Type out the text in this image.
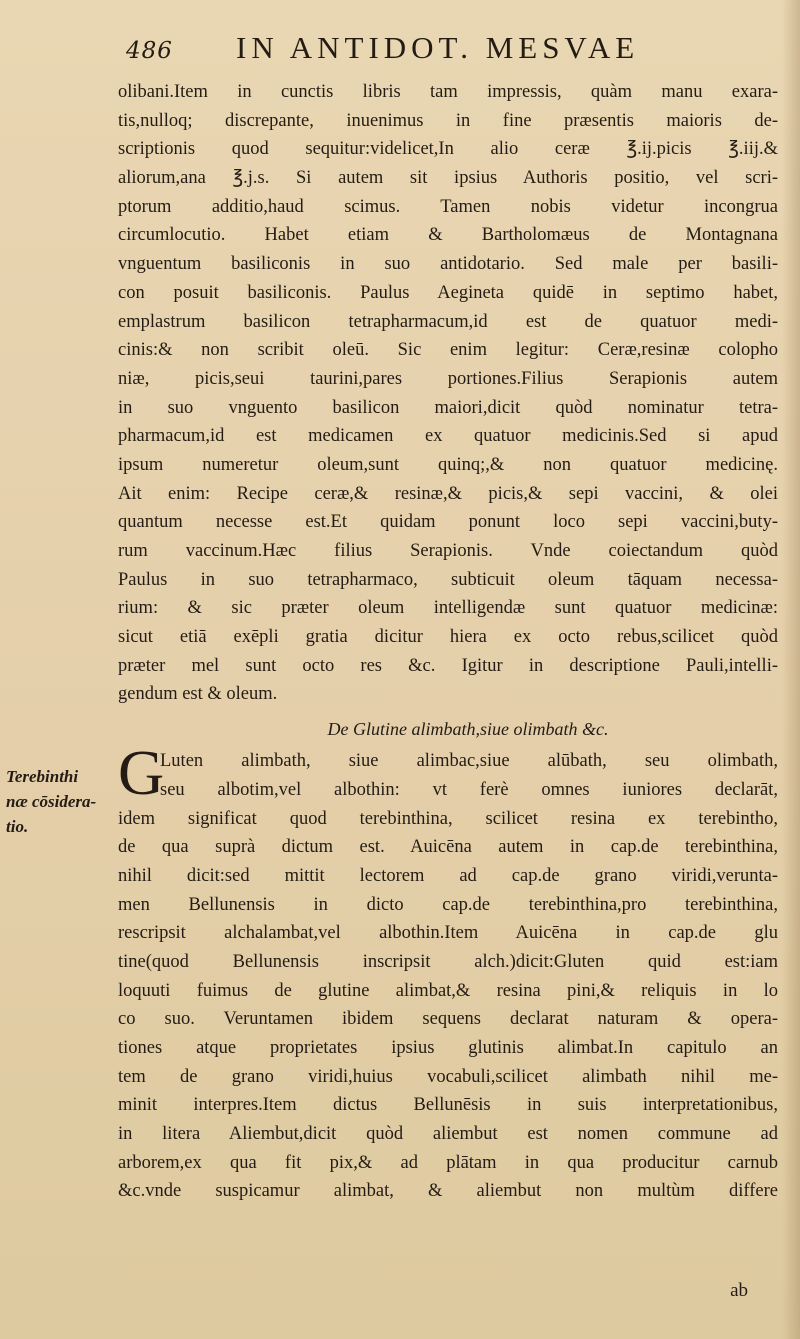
486 IN ANTIDOT. MESVAE
Terebinthi
næ cōsidera-
tio.
G
olibani.Item in cunctis libris tam impressis, quàm manu exara-
tis,nulloq; discrepante, inuenimus in fine præsentis maioris de-
scriptionis quod sequitur:videlicet,In alio ceræ ℥.ij.picis ℥.iij.&
aliorum,ana ℥.j.s. Si autem sit ipsius Authoris positio, vel scri-
ptorum additio,haud scimus. Tamen nobis videtur incongrua
circumlocutio. Habet etiam & Bartholomæus de Montagnana
vnguentum basiliconis in suo antidotario. Sed male per basili-
con posuit basiliconis. Paulus Aegineta quidē in septimo habet,
emplastrum basilicon tetrapharmacum,id est de quatuor medi-
cinis:& non scribit oleū. Sic enim legitur: Ceræ,resinæ colopho
niæ, picis,seui taurini,pares portiones.Filius Serapionis autem
in suo vnguento basilicon maiori,dicit quòd nominatur tetra-
pharmacum,id est medicamen ex quatuor medicinis.Sed si apud
ipsum numeretur oleum,sunt quinq;,& non quatuor medicinę.
Ait enim: Recipe ceræ,& resinæ,& picis,& sepi vaccini, & olei
quantum necesse est.Et quidam ponunt loco sepi vaccini,buty-
rum vaccinum.Hæc filius Serapionis. Vnde coiectandum quòd
Paulus in suo tetrapharmaco, subticuit oleum tāquam necessa-
rium: & sic præter oleum intelligendæ sunt quatuor medicinæ:
sicut etiā exēpli gratia dicitur hiera ex octo rebus,scilicet quòd
præter mel sunt octo res &c. Igitur in descriptione Pauli,intelli-
gendum est & oleum.
De Glutine alimbath,siue olimbath &c.
Luten alimbath, siue alimbac,siue alūbath, seu olimbath,
seu albotim,vel albothin: vt ferè omnes iuniores declarāt,
idem significat quod terebinthina, scilicet resina ex terebintho,
de qua suprà dictum est. Auicēna autem in cap.de terebinthina,
nihil dicit:sed mittit lectorem ad cap.de grano viridi,verunta-
men Bellunensis in dicto cap.de terebinthina,pro terebinthina,
rescripsit alchalambat,vel albothin.Item Auicēna in cap.de glu
tine(quod Bellunensis inscripsit alch.)dicit:Gluten quid est:iam
loquuti fuimus de glutine alimbat,& resina pini,& reliquis in lo
co suo. Veruntamen ibidem sequens declarat naturam & opera-
tiones atque proprietates ipsius glutinis alimbat.In capitulo an
tem de grano viridi,huius vocabuli,scilicet alimbath nihil me-
minit interpres.Item dictus Bellunēsis in suis interpretationibus,
in litera Aliembut,dicit quòd aliembut est nomen commune ad
arborem,ex qua fit pix,& ad plātam in qua producitur carnub
&c.vnde suspicamur alimbat, & aliembut non multùm differe
ab
